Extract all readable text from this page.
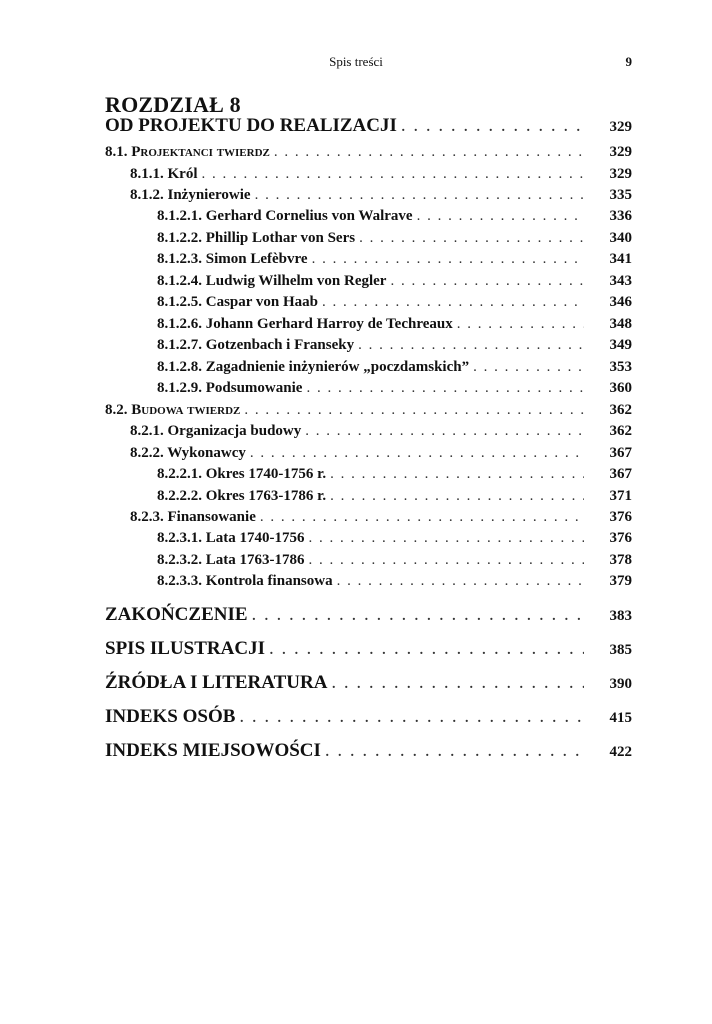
Spis treści	9
ROZDZIAŁ 8
OD PROJEKTU DO REALIZACJI . . .	329
8.1. Projektanci twierdz . . .	329
8.1.1. Król . . .	329
8.1.2. Inżynierowie . . .	335
8.1.2.1. Gerhard Cornelius von Walrave . . .	336
8.1.2.2. Phillip Lothar von Sers . . .	340
8.1.2.3. Simon Lefèbvre . . .	341
8.1.2.4. Ludwig Wilhelm von Regler . . .	343
8.1.2.5. Caspar von Haab . . .	346
8.1.2.6. Johann Gerhard Harroy de Techreaux . . .	348
8.1.2.7. Gotzenbach i Franseky . . .	349
8.1.2.8. Zagadnienie inżynierów „poczdamskich” . . .	353
8.1.2.9. Podsumowanie . . .	360
8.2. Budowa twierdz . . .	362
8.2.1. Organizacja budowy . . .	362
8.2.2. Wykonawcy . . .	367
8.2.2.1. Okres 1740-1756 r. . . .	367
8.2.2.2. Okres 1763-1786 r. . . .	371
8.2.3. Finansowanie . . .	376
8.2.3.1. Lata 1740-1756 . . .	376
8.2.3.2. Lata 1763-1786 . . .	378
8.2.3.3. Kontrola finansowa . . .	379
ZAKOŃCZENIE . . .	383
SPIS ILUSTRACJI . . .	385
ŹRÓDŁA I LITERATURA . . .	390
INDEKS OSÓB . . .	415
INDEKS MIEJSOWOŚCI . . .	422
